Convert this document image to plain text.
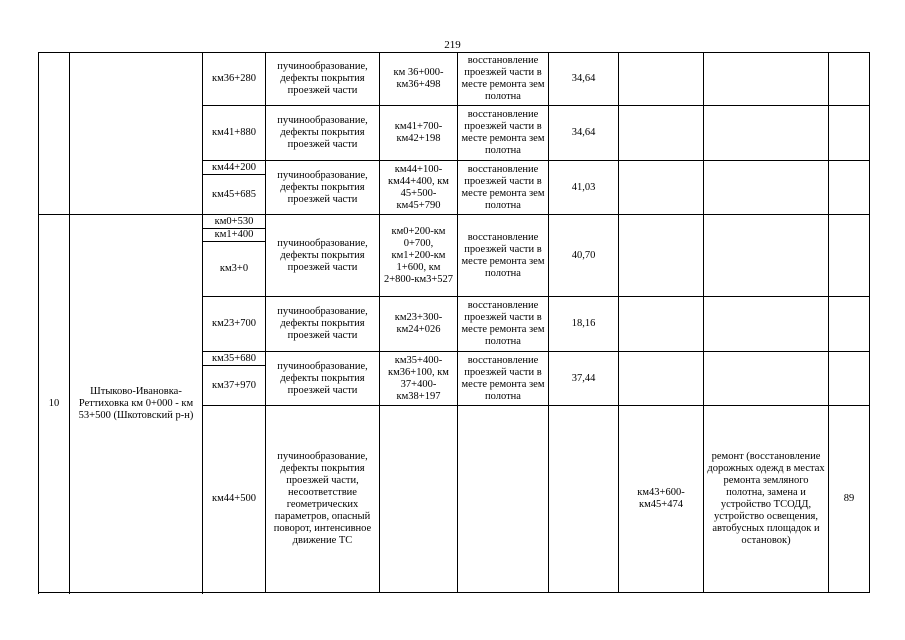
219
		км36+280	пучинообразование, дефекты покрытия проезжей части	км 36+000-км36+498	восстановление проезжей части в месте ремонта зем полотна	34,64			
		км41+880	пучинообразование, дефекты покрытия проезжей части	км41+700-км42+198	восстановление проезжей части в месте ремонта зем полотна	34,64			
		км44+200	пучинообразование, дефекты покрытия проезжей части	км44+100-км44+400, км 45+500-км45+790	восстановление проезжей части в месте ремонта зем полотна	41,03			
		км45+685							

10	Штыково-Ивановка-Реттиховка км 0+000 - км 53+500 (Шкотовский р-н)	км0+530	пучинообразование, дефекты покрытия проезжей части	км0+200-км 0+700, км1+200-км 1+600, км 2+800-км3+527	восстановление проезжей части в месте ремонта зем полотна	40,70			
		км1+400							
		км3+0							
		км23+700	пучинообразование, дефекты покрытия проезжей части	км23+300-км24+026	восстановление проезжей части в месте ремонта зем полотна	18,16			
		км35+680	пучинообразование, дефекты покрытия проезжей части	км35+400-км36+100, км 37+400-км38+197	восстановление проезжей части в месте ремонта зем полотна	37,44			
		км37+970							
		км44+500	пучинообразование, дефекты покрытия проезжей части, несоответствие геометрических параметров, опасный поворот, интенсивное движение ТС				км43+600-км45+474	ремонт (восстановление дорожных одежд в местах ремонта земляного полотна, замена и устройство ТСОДД, устройство освещения, автобусных площадок и остановок)	89
